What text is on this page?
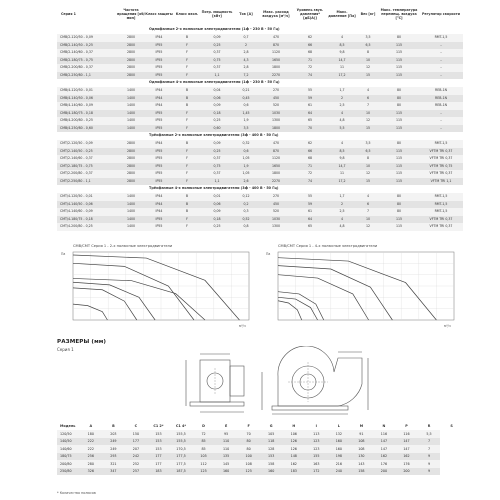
Серия 1	Частота вращения [об/мин]	Класс защиты	Класс изол.	Потр. мощность [кВт]	Ток [А]	Макс. расход воздуха [м³/ч]	Уровень звук. давления* [дБ(А)]	Макс. давление [Па]	Вес [кг]	Макс. температура перемещ. воздуха [°C]	Регулятор скорости
Однофазные 2-х полюсные электродвигатели (1ф - 230 В - 50 Гц)											
CMB/2-120/50 - 0,09	2800	IP44	B	0,09	0,7	470	62	4	3,5	80	RMT-1,5
CMB/2-140/50 - 0,25	2800	IP55	F	0,25	2	870	66	8,5	6,5	115	–
CMB/2-140/60 - 0,37	2800	IP55	F	0,37	2,8	1120	68	9,8	8	115	–
CMB/2-180/75 - 0,75	2800	IP55	F	0,75	4,3	1650	71	14,7	10	115	–
CMB/2-200/80 - 0,37	2800	IP55	F	0,37	2,8	1800	72	11	12	115	–
CMB/2-250/80 - 1,1	2800	IP55	F	1,1	7,2	2270	74	17,2	15	115	–
Однофазные 4-х полюсные электродвигатели (1ф - 230 В - 50 Гц)											
CMB/4-120/50 - 0,01	1400	IP44	B	0,04	0,21	270	55	1,7	4	80	REB-1N
CMB/4-140/50 - 0,06	1400	IP44	B	0,06	0,45	450	59	2	6	80	REB-1N
CMB/4-140/60 - 0,09	1400	IP44	B	0,09	0,6	520	61	2,5	7	80	REB-1N
CMB/4-180/75 - 0,18	1400	IP55	F	0,18	1,45	1030	64	4	10	115	–
CMB/4-200/80 - 0,25	1400	IP55	F	0,25	1,9	1300	65	4,8	12	115	–
CMB/4-250/80 - 0,60	1400	IP55	F	0,60	3,5	1800	70	5,5	15	115	–
Трёхфазные 2-х полюсные электродвигатели (3ф - 400 В - 50 Гц)											
CMT/2-120/50 - 0,09	2800	IP44	B	0,09	0,32	470	62	4	3,5	80	RMT-1,5
CMT/2-140/50 - 0,25	2800	IP55	F	0,25	0,6	870	66	8,5	6,5	115	VFTM TRI 0,37
CMT/2-140/60 - 0,37	2800	IP55	F	0,37	1,05	1120	68	9,8	8	115	VFTM TRI 0,37
CMT/2-180/75 - 0,75	2800	IP55	F	0,75	1,9	1650	71	14,7	10	115	VFTM TRI 0,75
CMT/2-200/80 - 0,37	2800	IP55	F	0,37	1,05	1800	72	11	12	115	VFTM TRI 0,37
CMT/2-250/80 - 1,1	2800	IP55	F	1,1	2,6	2270	74	17,2	15	115	VFTM TRI 1,1
Трёхфазные 4-х полюсные электродвигатели (3ф - 400 В - 50 Гц)											
CMT/4-120/50 - 0,01	1400	IP44	B	0,01	0,12	270	55	1,7	4	80	RMT-1,5
CMT/4-140/50 - 0,06	1400	IP44	B	0,06	0,2	450	59	2	6	80	RMT-1,5
CMT/4-140/60 - 0,09	1400	IP44	B	0,09	0,3	520	61	2,5	7	80	RMT-1,5
CMT/4-180/75 - 0,18	1400	IP55	F	0,18	0,52	1030	64	4	10	115	VFTM TRI 0,37
CMT/4-200/80 - 0,25	1400	IP55	F	0,25	0,8	1300	65	4,8	12	115	VFTM TRI 0,37
CMB/CMT Серия 1 - 2-х полюсные электродвигатели
Па
м³/ч
CMB/CMT Серия 1 - 4-х полюсные электродвигатели
Па
м³/ч
РАЗМЕРЫ (мм)
Серия 1
Модель	A	B	C	C1 2*	C1 4*	D	E	F	G	H	I	L	M	N	P	R	S
120/50	180	203	150	153	155,5	72	95	70	105	106	113	132	91	116	116	5,5	
140/50	222	249	177	153	155,5	85	110	80	118	126	123	160	108	147	147	7	
140/60	222	249	207	153	170,5	85	110	80	128	126	123	160	108	147	147	7	
180/75	256	293	242	177	177,5	105	135	100	153	148	155	198	130	162	162	9	
200/80	280	321	252	177	177,5	112	145	108	158	162	163	216	143	176	176	9	
250/80	326	347	257	183	187,5	125	160	125	160	183	172	240	158	200	200	9	
* Количество полюсов
